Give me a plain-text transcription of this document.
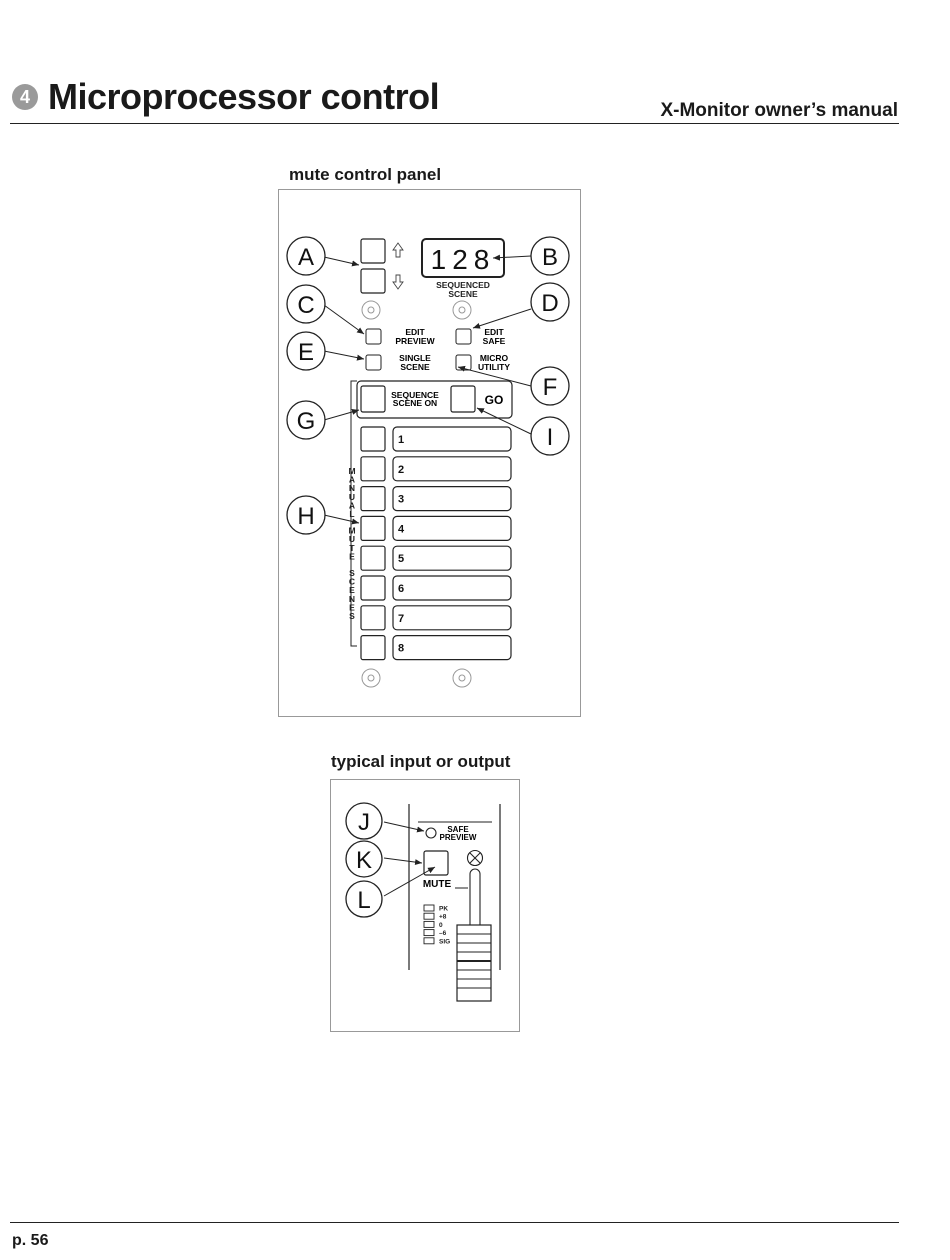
4 Microprocessor control	X-Monitor owner’s manual
mute control panel
128
SEQUENCED
SCENE
EDIT
PREVIEW
EDIT
SAFE
SINGLE
SCENE
MICRO
UTILITY
SEQUENCE
SCENE ON	GO
1
2
3
4
5
6
7
8
M
A
N
U
A
L
M
U
T
E
S
C
E
N
E
S
A	B
C	D
E
F
G
H
I
typical input or output
SAFE
PREVIEW
MUTE
PK
+8
0
–6
SIG
J
K
L
p. 56
